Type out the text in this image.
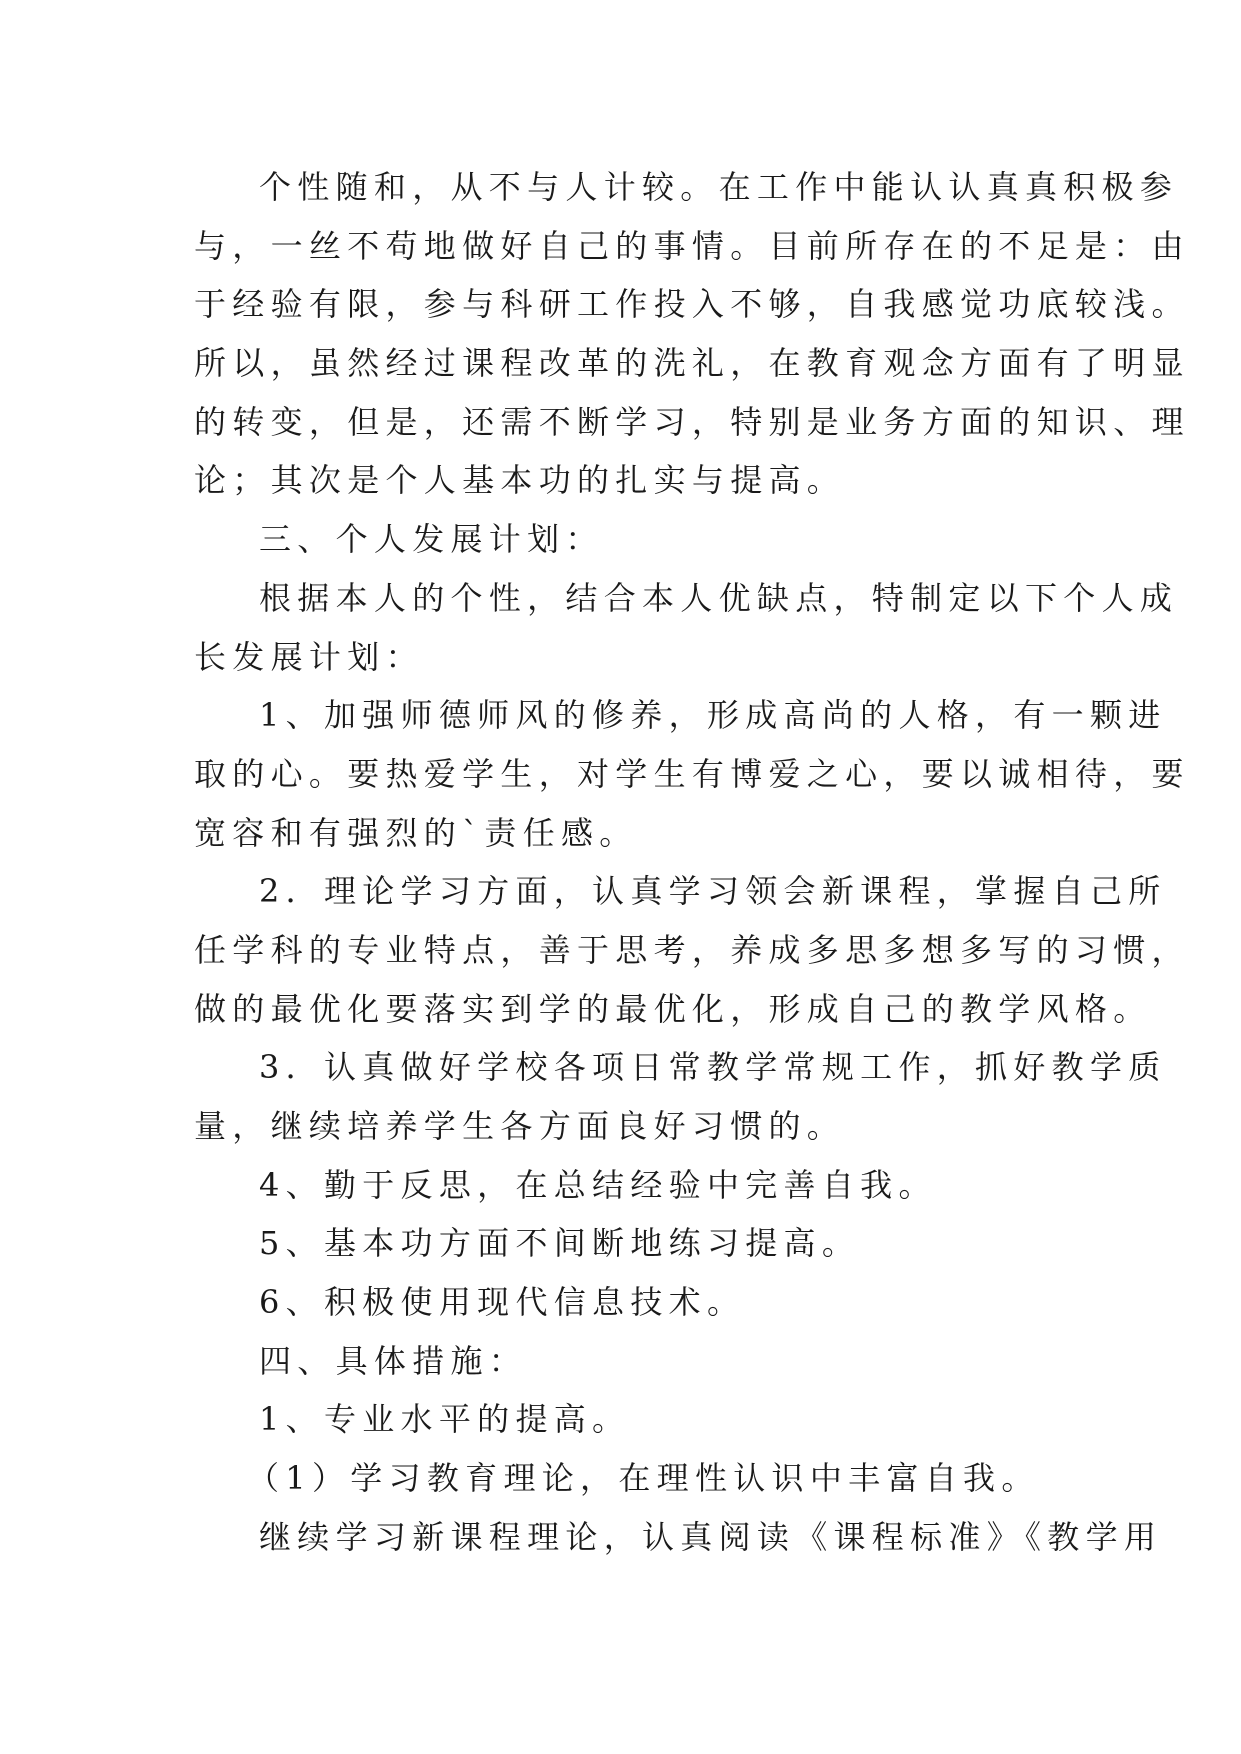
个性随和，从不与人计较。在工作中能认认真真积极参
与，一丝不苟地做好自己的事情。目前所存在的不足是：由
于经验有限，参与科研工作投入不够，自我感觉功底较浅。
所以，虽然经过课程改革的洗礼，在教育观念方面有了明显
的转变，但是，还需不断学习，特别是业务方面的知识、理
论；其次是个人基本功的扎实与提高。
三、个人发展计划：
根据本人的个性，结合本人优缺点，特制定以下个人成
长发展计划：
1、加强师德师风的修养，形成高尚的人格，有一颗进
取的心。要热爱学生，对学生有博爱之心，要以诚相待，要
宽容和有强烈的`责任感。
2．理论学习方面，认真学习领会新课程，掌握自己所
任学科的专业特点，善于思考，养成多思多想多写的习惯，
做的最优化要落实到学的最优化，形成自己的教学风格。
3．认真做好学校各项日常教学常规工作，抓好教学质
量，继续培养学生各方面良好习惯的。
4、勤于反思，在总结经验中完善自我。
5、基本功方面不间断地练习提高。
6、积极使用现代信息技术。
四、具体措施：
1、专业水平的提高。
（1）学习教育理论，在理性认识中丰富自我。
继续学习新课程理论，认真阅读《课程标准》《教学用
